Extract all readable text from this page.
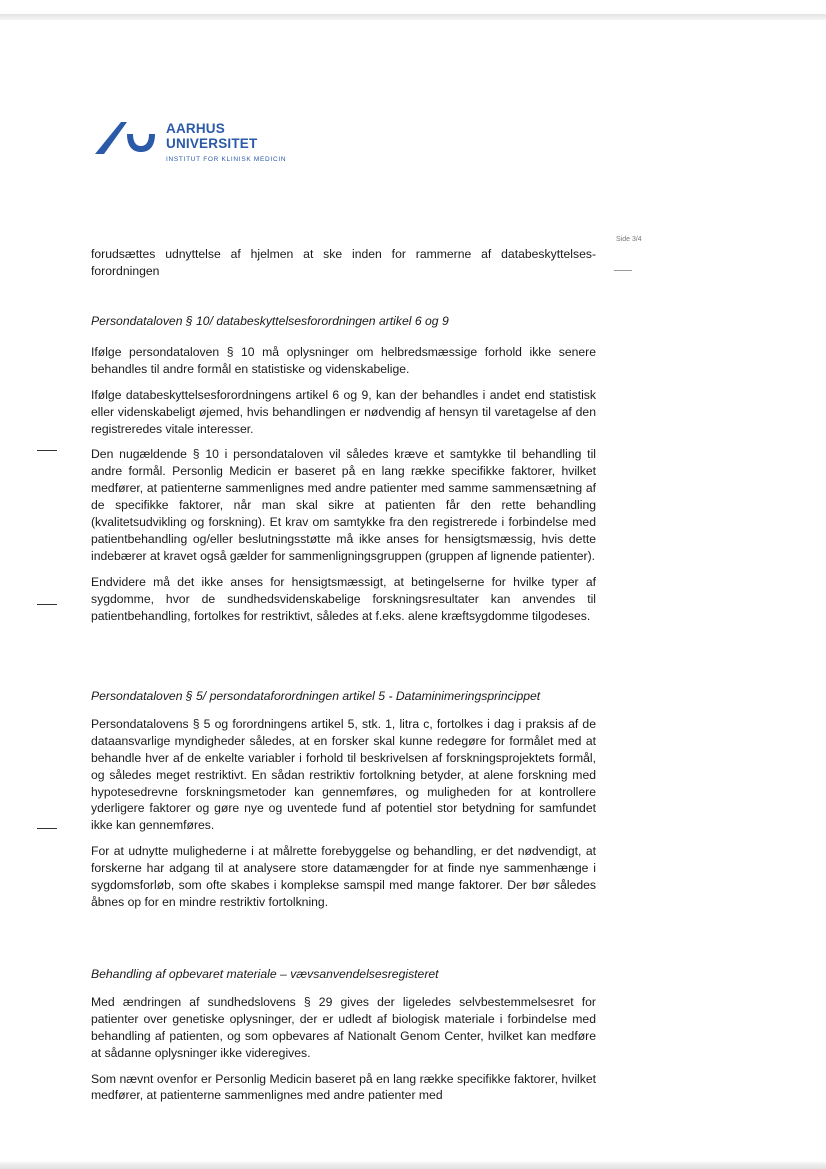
AARHUS
UNIVERSITET
INSTITUT FOR KLINISK MEDICIN
Side 3/4

forudsættes udnyttelse af hjelmen at ske inden for rammerne af databeskyttelses-forordningen

Persondataloven § 10/ databeskyttelsesforordningen artikel 6 og 9

Ifølge persondataloven § 10 må oplysninger om helbredsmæssige forhold ikke senere behandles til andre formål en statistiske og videnskabelige.

Ifølge databeskyttelsesforordningens artikel 6 og 9, kan der behandles i andet end statistisk eller videnskabeligt øjemed, hvis behandlingen er nødvendig af hensyn til varetagelse af den registreredes vitale interesser.

Den nugældende § 10 i persondataloven vil således kræve et samtykke til behandling til andre formål. Personlig Medicin er baseret på en lang række specifikke faktorer, hvilket medfører, at patienterne sammenlignes med andre patienter med samme sammensætning af de specifikke faktorer, når man skal sikre at patienten får den rette behandling (kvalitetsudvikling og forskning). Et krav om samtykke fra den registrerede i forbindelse med patientbehandling og/eller beslutningsstøtte må ikke anses for hensigtsmæssig, hvis dette indebærer at kravet også gælder for sammenligningsgruppen (gruppen af lignende patienter).

Endvidere må det ikke anses for hensigtsmæssigt, at betingelserne for hvilke typer af sygdomme, hvor de sundhedsvidenskabelige forskningsresultater kan anvendes til patientbehandling, fortolkes for restriktivt, således at f.eks. alene kræftsygdomme tilgodeses.

Persondataloven § 5/ persondataforordningen artikel 5 - Dataminimeringsprincippet

Persondatalovens § 5 og forordningens artikel 5, stk. 1, litra c, fortolkes i dag i praksis af de dataansvarlige myndigheder således, at en forsker skal kunne redegøre for formålet med at behandle hver af de enkelte variabler i forhold til beskrivelsen af forskningsprojektets formål, og således meget restriktivt. En sådan restriktiv fortolkning betyder, at alene forskning med hypotesedrevne forskningsmetoder kan gennemføres, og muligheden for at kontrollere yderligere faktorer og gøre nye og uventede fund af potentiel stor betydning for samfundet ikke kan gennemføres.

For at udnytte mulighederne i at målrette forebyggelse og behandling, er det nødvendigt, at forskerne har adgang til at analysere store datamængder for at finde nye sammenhænge i sygdomsforløb, som ofte skabes i komplekse samspil med mange faktorer. Der bør således åbnes op for en mindre restriktiv fortolkning.

Behandling af opbevaret materiale – vævsanvendelsesregisteret

Med ændringen af sundhedslovens § 29 gives der ligeledes selvbestemmelsesret for patienter over genetiske oplysninger, der er udledt af biologisk materiale i forbindelse med behandling af patienten, og som opbevares af Nationalt Genom Center, hvilket kan medføre at sådanne oplysninger ikke videregives.

Som nævnt ovenfor er Personlig Medicin baseret på en lang række specifikke faktorer, hvilket medfører, at patienterne sammenlignes med andre patienter med
